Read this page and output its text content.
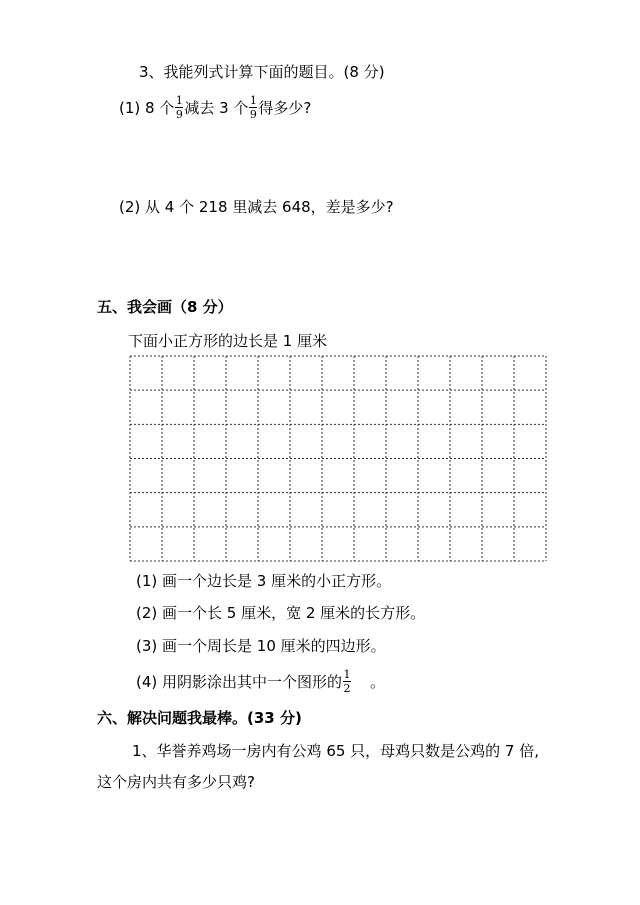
3、我能列式计算下面的题目。(8 分)
(1) 8 个 $\frac{1}{9}$ 减去 3 个 $\frac{1}{9}$ 得多少?
(2) 从 4 个 218 里减去 648，差是多少?
五、我会画（8 分）
下面小正方形的边长是 1 厘米
(1) 画一个边长是 3 厘米的小正方形。
(2) 画一个长 5 厘米，宽 2 厘米的长方形。
(3) 画一个周长是 10 厘米的四边形。
(4) 用阴影涂出其中一个图形的 $\frac{1}{2}$ 。
六、解决问题我最棒。(33 分)
1、华誉养鸡场一房内有公鸡 65 只，母鸡只数是公鸡的 7 倍,
这个房内共有多少只鸡?
